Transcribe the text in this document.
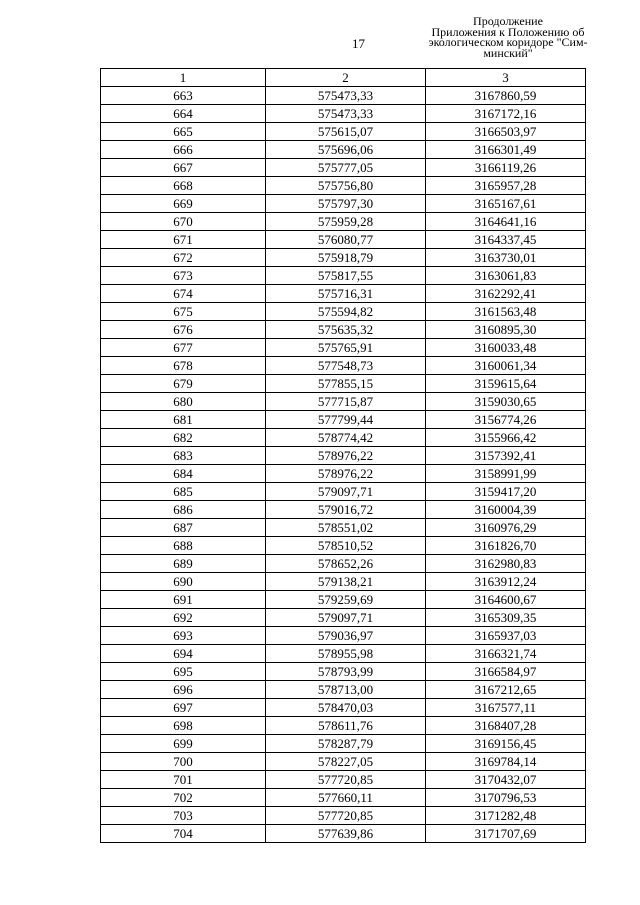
17
Продолжение
Приложения к Положению об
экологическом коридоре "Сим-
минский"
1	2	3
663	575473,33	3167860,59
664	575473,33	3167172,16
665	575615,07	3166503,97
666	575696,06	3166301,49
667	575777,05	3166119,26
668	575756,80	3165957,28
669	575797,30	3165167,61
670	575959,28	3164641,16
671	576080,77	3164337,45
672	575918,79	3163730,01
673	575817,55	3163061,83
674	575716,31	3162292,41
675	575594,82	3161563,48
676	575635,32	3160895,30
677	575765,91	3160033,48
678	577548,73	3160061,34
679	577855,15	3159615,64
680	577715,87	3159030,65
681	577799,44	3156774,26
682	578774,42	3155966,42
683	578976,22	3157392,41
684	578976,22	3158991,99
685	579097,71	3159417,20
686	579016,72	3160004,39
687	578551,02	3160976,29
688	578510,52	3161826,70
689	578652,26	3162980,83
690	579138,21	3163912,24
691	579259,69	3164600,67
692	579097,71	3165309,35
693	579036,97	3165937,03
694	578955,98	3166321,74
695	578793,99	3166584,97
696	578713,00	3167212,65
697	578470,03	3167577,11
698	578611,76	3168407,28
699	578287,79	3169156,45
700	578227,05	3169784,14
701	577720,85	3170432,07
702	577660,11	3170796,53
703	577720,85	3171282,48
704	577639,86	3171707,69
